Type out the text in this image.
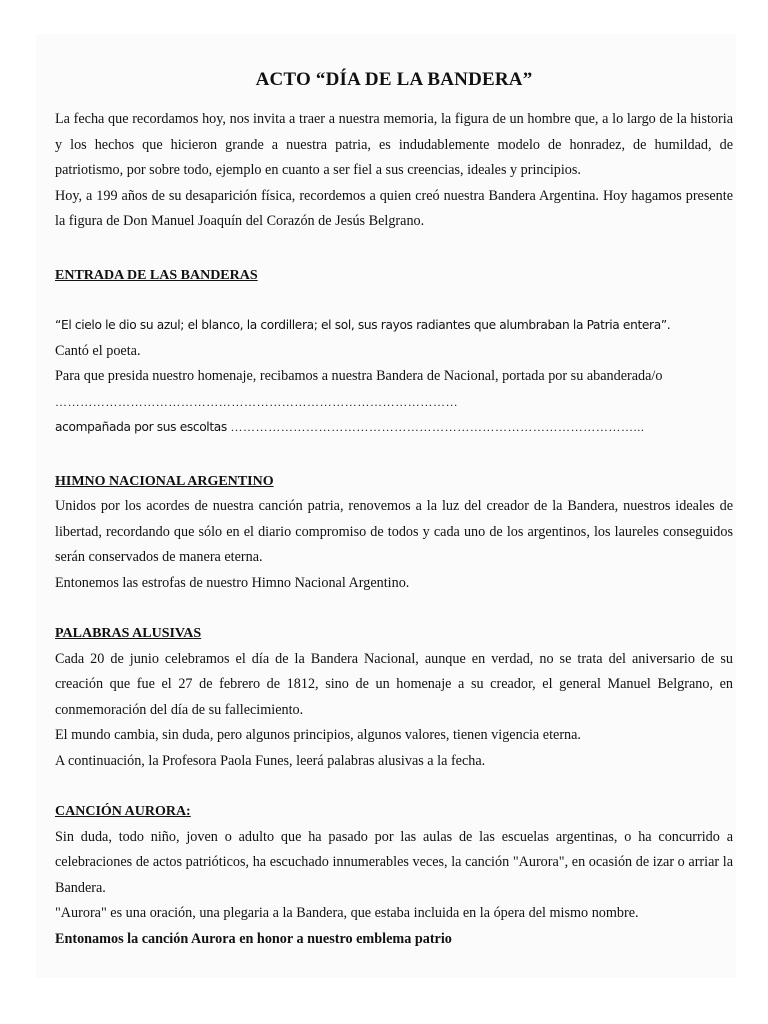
ACTO “DÍA DE LA BANDERA”

La fecha que recordamos hoy, nos invita a traer a nuestra memoria, la figura de un hombre que, a lo largo de la historia y los hechos que hicieron grande a nuestra patria, es indudablemente modelo de honradez, de humildad, de patriotismo, por sobre todo, ejemplo en cuanto a ser fiel a sus creencias, ideales y principios.

Hoy, a 199 años de su desaparición física, recordemos a quien creó nuestra Bandera Argentina. Hoy hagamos presente la figura de Don Manuel Joaquín del Corazón de Jesús Belgrano.

ENTRADA DE LAS BANDERAS

“El cielo le dio su azul; el blanco, la cordillera; el sol, sus rayos radiantes que alumbraban la Patria entera”.

Cantó el poeta.

Para que presida nuestro homenaje, recibamos a nuestra Bandera de Nacional, portada por su abanderada/o

……………………………………………………………………………………

acompañada por sus escoltas ……………………………………………………………………………………...

HIMNO NACIONAL ARGENTINO

Unidos por los acordes de nuestra canción patria, renovemos a la luz del creador de la Bandera, nuestros ideales de libertad, recordando que sólo en el diario compromiso de todos y cada uno de los argentinos, los laureles conseguidos serán conservados de manera eterna.

Entonemos las estrofas de nuestro Himno Nacional Argentino.

PALABRAS ALUSIVAS

Cada 20 de junio celebramos el día de la Bandera Nacional, aunque en verdad, no se trata del aniversario de su creación que fue el 27 de febrero de 1812, sino de un homenaje a su creador, el general Manuel Belgrano, en conmemoración del día de su fallecimiento.

El mundo cambia, sin duda, pero algunos principios, algunos valores, tienen vigencia eterna.

A continuación, la Profesora Paola Funes, leerá palabras alusivas a la fecha.

CANCIÓN AURORA:

Sin duda, todo niño, joven o adulto que ha pasado por las aulas de las escuelas argentinas, o ha concurrido a celebraciones de actos patrióticos, ha escuchado innumerables veces, la canción "Aurora", en ocasión de izar o arriar la Bandera.

"Aurora" es una oración, una plegaria a la Bandera, que estaba incluida en la ópera del mismo nombre.

Entonamos la canción Aurora en honor a nuestro emblema patrio
